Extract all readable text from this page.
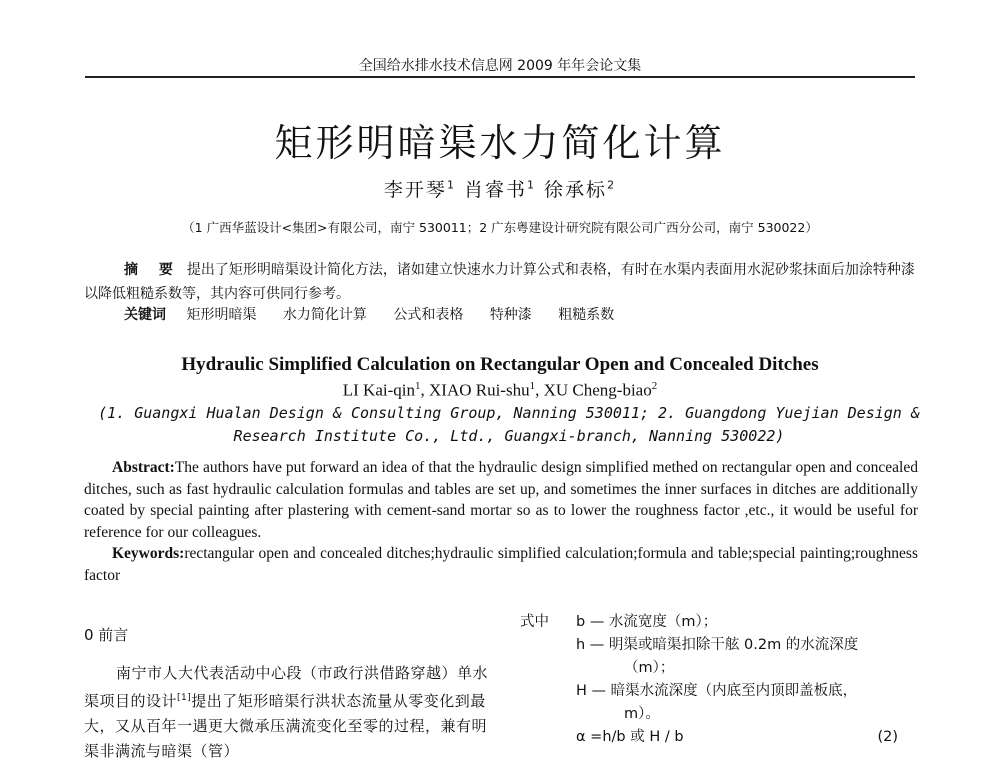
全国给水排水技术信息网 2009 年年会论文集
矩形明暗渠水力简化计算
李开琴$^1$ 肖睿书$^1$ 徐承标$^2$
（1 广西华蓝设计<集团>有限公司，南宁 530011；2 广东粤建设计研究院有限公司广西分公司，南宁 530022）
摘 要 提出了矩形明暗渠设计简化方法，诸如建立快速水力计算公式和表格，有时在水渠内表面用水泥砂浆抹面后加涂特种漆以降低粗糙系数等，其内容可供同行参考。
关键词 矩形明暗渠 水力简化计算 公式和表格 特种漆 粗糙系数
Hydraulic Simplified Calculation on Rectangular Open and Concealed Ditches
LI Kai-qin$^1$, XIAO Rui-shu$^1$, XU Cheng-biao$^2$
(1. Guangxi Hualan Design & Consulting Group, Nanning 530011; 2. Guangdong Yuejian Design &
Research Institute Co., Ltd., Guangxi-branch, Nanning 530022)

Abstract:The authors have put forward an idea of that the hydraulic design simplified methed on rectangular open and concealed ditches, such as fast hydraulic calculation formulas and tables are set up, and sometimes the inner surfaces in ditches are additionally coated by special painting after plastering with cement-sand mortar so as to lower the roughness factor ,etc., it would be useful for reference for our colleagues.

Keywords:rectangular open and concealed ditches;hydraulic simplified calculation;formula and table;special painting;roughness factor

0 前言
南宁市人大代表活动中心段（市政行洪借路穿越）单水渠项目的设计[1]提出了矩形暗渠行洪状态流量从零变化到最大，又从百年一遇更大微承压满流变化至零的过程，兼有明渠非满流与暗渠（管）
式中 b — 水流宽度（m）；
h — 明渠或暗渠扣除干舷 0.2m 的水流深度
（m）；
H — 暗渠水流深度（内底至内顶即盖板底，
m）。
α =h/b 或 H / b	(2)
